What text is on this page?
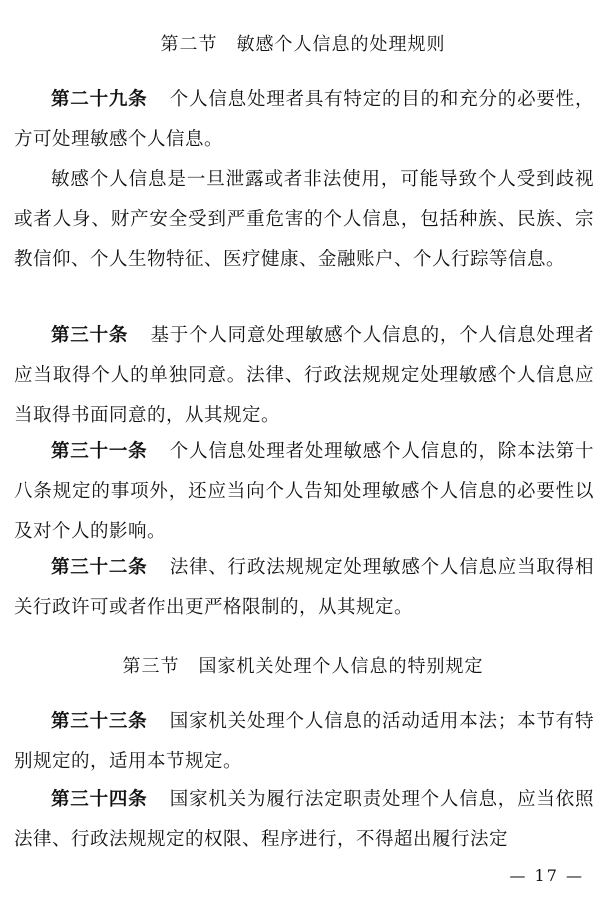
第二节　敏感个人信息的处理规则

第二十九条 个人信息处理者具有特定的目的和充分的必要性，方可处理敏感个人信息。

敏感个人信息是一旦泄露或者非法使用，可能导致个人受到歧视或者人身、财产安全受到严重危害的个人信息，包括种族、民族、宗教信仰、个人生物特征、医疗健康、金融账户、个人行踪等信息。

第三十条 基于个人同意处理敏感个人信息的，个人信息处理者应当取得个人的单独同意。法律、行政法规规定处理敏感个人信息应当取得书面同意的，从其规定。

第三十一条 个人信息处理者处理敏感个人信息的，除本法第十八条规定的事项外，还应当向个人告知处理敏感个人信息的必要性以及对个人的影响。

第三十二条 法律、行政法规规定处理敏感个人信息应当取得相关行政许可或者作出更严格限制的，从其规定。

第三节　国家机关处理个人信息的特别规定

第三十三条 国家机关处理个人信息的活动适用本法；本节有特别规定的，适用本节规定。

第三十四条 国家机关为履行法定职责处理个人信息，应当依照法律、行政法规规定的权限、程序进行，不得超出履行法定

— 17 —
